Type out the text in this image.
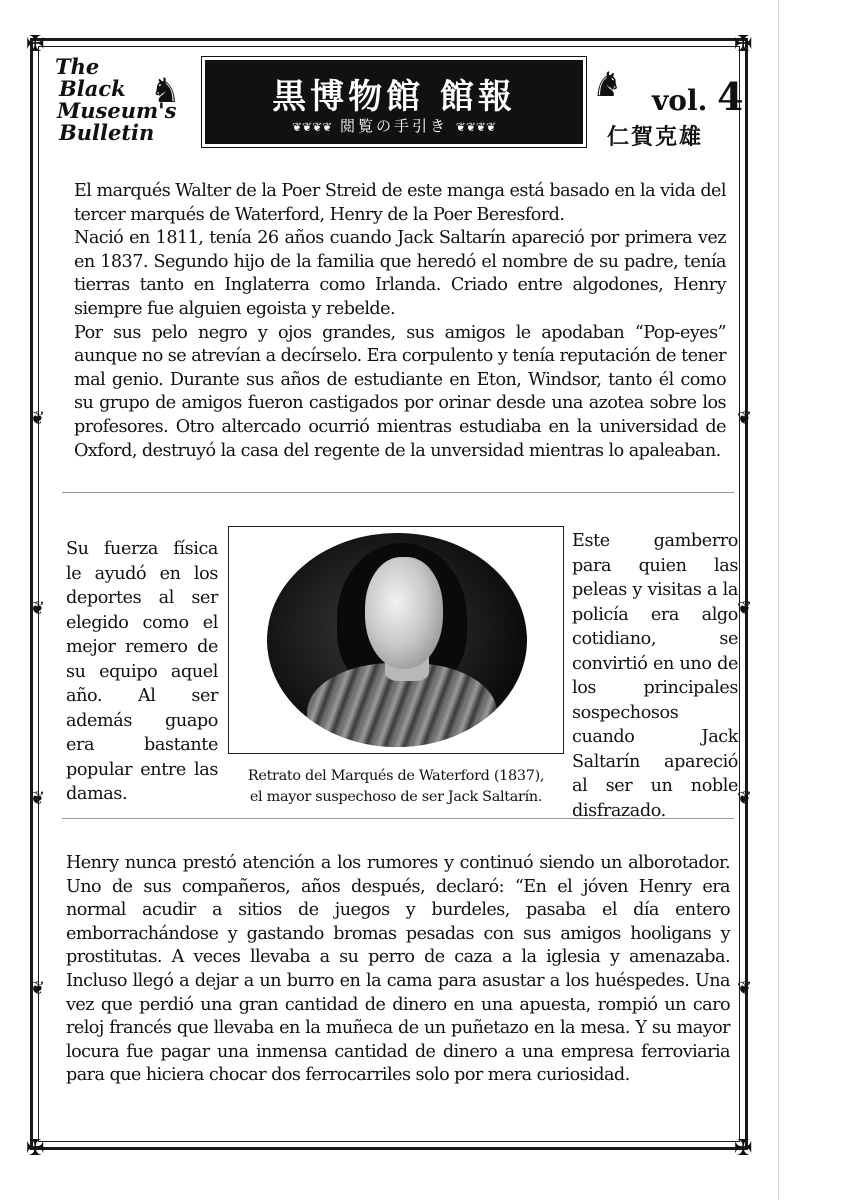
✠	✠
✠	✠
❦
❦
❦
❦
❦
❦
❦
❦
The
Black
Museum's
Bulletin
♞	♞
黒博物館 館報
❦❦❦❦ 閲覧の手引き ❦❦❦❦
vol. 4
仁賀克雄

El marqués Walter de la Poer Streid de este manga está basado en la vida del tercer marqués de Waterford, Henry de la Poer Beresford.

Nació en 1811, tenía 26 años cuando Jack Saltarín apareció por primera vez en 1837. Segundo hijo de la familia que heredó el nombre de su padre, tenía tierras tanto en Inglaterra como Irlanda. Criado entre algodones, Henry siempre fue alguien egoista y rebelde.

Por sus pelo negro y ojos grandes, sus amigos le apodaban “Pop-eyes” aunque no se atrevían a decírselo. Era corpulento y tenía reputación de tener mal genio. Durante sus años de estudiante en Eton, Windsor, tanto él como su grupo de amigos fueron castigados por orinar desde una azotea sobre los profesores. Otro altercado ocurrió mientras estudiaba en la universidad de Oxford, destruyó la casa del regente de la unversidad mientras lo apaleaban.

Su fuerza física le ayudó en los deportes al ser elegido como el mejor remero de su equipo aquel año. Al ser además guapo era bastante popular entre las damas.

Retrato del Marqués de Waterford (1837),
el mayor suspechoso de ser Jack Saltarín.

Este gamberro para quien las peleas y visitas a la policía era algo cotidiano, se convirtió en uno de los principales sospechosos cuando Jack Saltarín apareció al ser un noble disfrazado.

Henry nunca prestó atención a los rumores y continuó siendo un alborotador. Uno de sus compañeros, años después, declaró: “En el jóven Henry era normal acudir a sitios de juegos y burdeles, pasaba el día entero emborrachándose y gastando bromas pesadas con sus amigos hooligans y prostitutas. A veces llevaba a su perro de caza a la iglesia y amenazaba. Incluso llegó a dejar a un burro en la cama para asustar a los huéspedes. Una vez que perdió una gran cantidad de dinero en una apuesta, rompió un caro reloj francés que llevaba en la muñeca de un puñetazo en la mesa. Y su mayor locura fue pagar una inmensa cantidad de dinero a una empresa ferroviaria para que hiciera chocar dos ferrocarriles solo por mera curiosidad.
